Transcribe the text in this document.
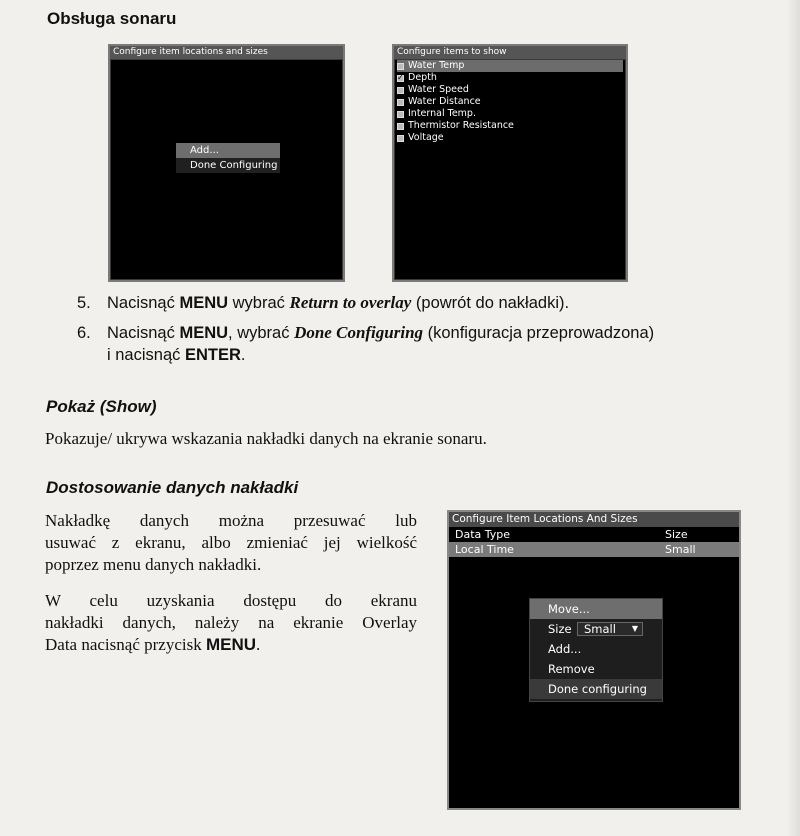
Obsługa sonaru
Configure item locations and sizes
Add...
Done Configuring
Configure items to show
Water Temp
✓
Depth
Water Speed
Water Distance
Internal Temp.
Thermistor Resistance
Voltage
5. Nacisnąć MENU wybrać Return to overlay (powrót do nakładki).
6. Nacisnąć MENU, wybrać Done Configuring (konfiguracja przeprowadzona)
i nacisnąć ENTER.
Pokaż (Show)
Pokazuje/ ukrywa wskazania nakładki danych na ekranie sonaru.
Dostosowanie danych nakładki
Nakładkę danych można przesuwać lub
usuwać z ekranu, albo zmieniać jej wielkość
poprzez menu danych nakładki.
W celu uzyskania dostępu do ekranu
nakładki danych, należy na ekranie Overlay
Data nacisnąć przycisk MENU.
Configure Item Locations And Sizes
Data Type	Size
Local Time	Small
Move...
Size	Small ▼
Add...
Remove
Done configuring
